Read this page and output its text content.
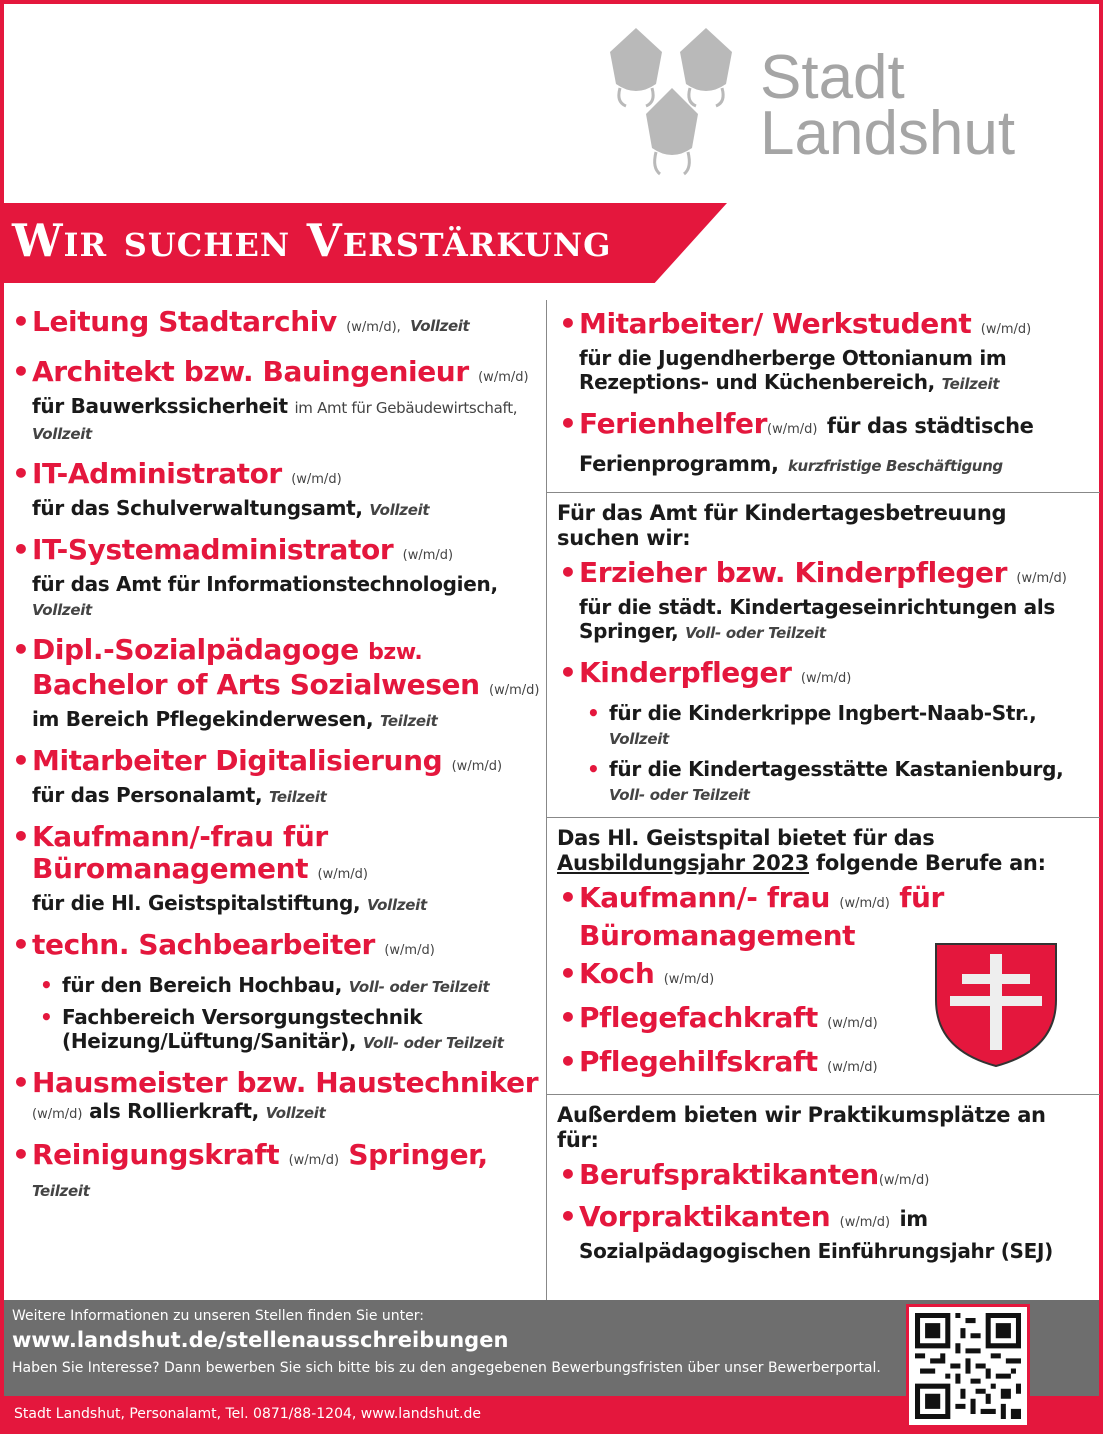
Stadt
Landshut
Wir suchen Verstärkung
• Leitung Stadtarchiv (w/m/d), Vollzeit
• Architekt bzw. Bauingenieur (w/m/d)
für Bauwerkssicherheit im Amt für Gebäudewirtschaft, Vollzeit
• IT-Administrator (w/m/d)
für das Schulverwaltungsamt, Vollzeit
• IT-Systemadministrator (w/m/d)
für das Amt für Informationstechnologien, Vollzeit
• Dipl.-Sozialpädagoge bzw.
Bachelor of Arts Sozialwesen (w/m/d)
im Bereich Pflegekinderwesen, Teilzeit
• Mitarbeiter Digitalisierung (w/m/d)
für das Personalamt, Teilzeit
• Kaufmann/-frau für
Büromanagement (w/m/d)
für die Hl. Geistspitalstiftung, Vollzeit
• techn. Sachbearbeiter (w/m/d)
• für den Bereich Hochbau, Voll- oder Teilzeit
• Fachbereich Versorgungstechnik (Heizung/Lüftung/Sanitär), Voll- oder Teilzeit
• Hausmeister bzw. Haustechniker
(w/m/d) als Rollierkraft, Vollzeit
• Reinigungskraft (w/m/d) Springer,
Teilzeit
• Mitarbeiter/ Werkstudent (w/m/d)
für die Jugendherberge Ottonianum im Rezeptions- und Küchenbereich, Teilzeit
• Ferienhelfer(w/m/d) für das städtische Ferienprogramm, kurzfristige Beschäftigung
Für das Amt für Kindertagesbetreuung suchen wir:
• Erzieher bzw. Kinderpfleger (w/m/d)
für die städt. Kindertageseinrichtungen als Springer, Voll- oder Teilzeit
• Kinderpfleger (w/m/d)
• für die Kinderkrippe Ingbert-Naab-Str., Vollzeit
• für die Kindertagesstätte Kastanienburg, Voll- oder Teilzeit
Das Hl. Geistspital bietet für das
Ausbildungsjahr 2023 folgende Berufe an:
• Kaufmann/- frau (w/m/d) für
Büromanagement
• Koch (w/m/d)
• Pflegefachkraft (w/m/d)
• Pflegehilfskraft (w/m/d)
Außerdem bieten wir Praktikumsplätze an für:
• Berufspraktikanten(w/m/d)
• Vorpraktikanten (w/m/d) im
Sozialpädagogischen Einführungsjahr (SEJ)
Weitere Informationen zu unseren Stellen finden Sie unter:
www.landshut.de/stellenausschreibungen
Haben Sie Interesse? Dann bewerben Sie sich bitte bis zu den angegebenen Bewerbungsfristen über unser Bewerberportal.
Stadt Landshut, Personalamt, Tel. 0871/88-1204, www.landshut.de
